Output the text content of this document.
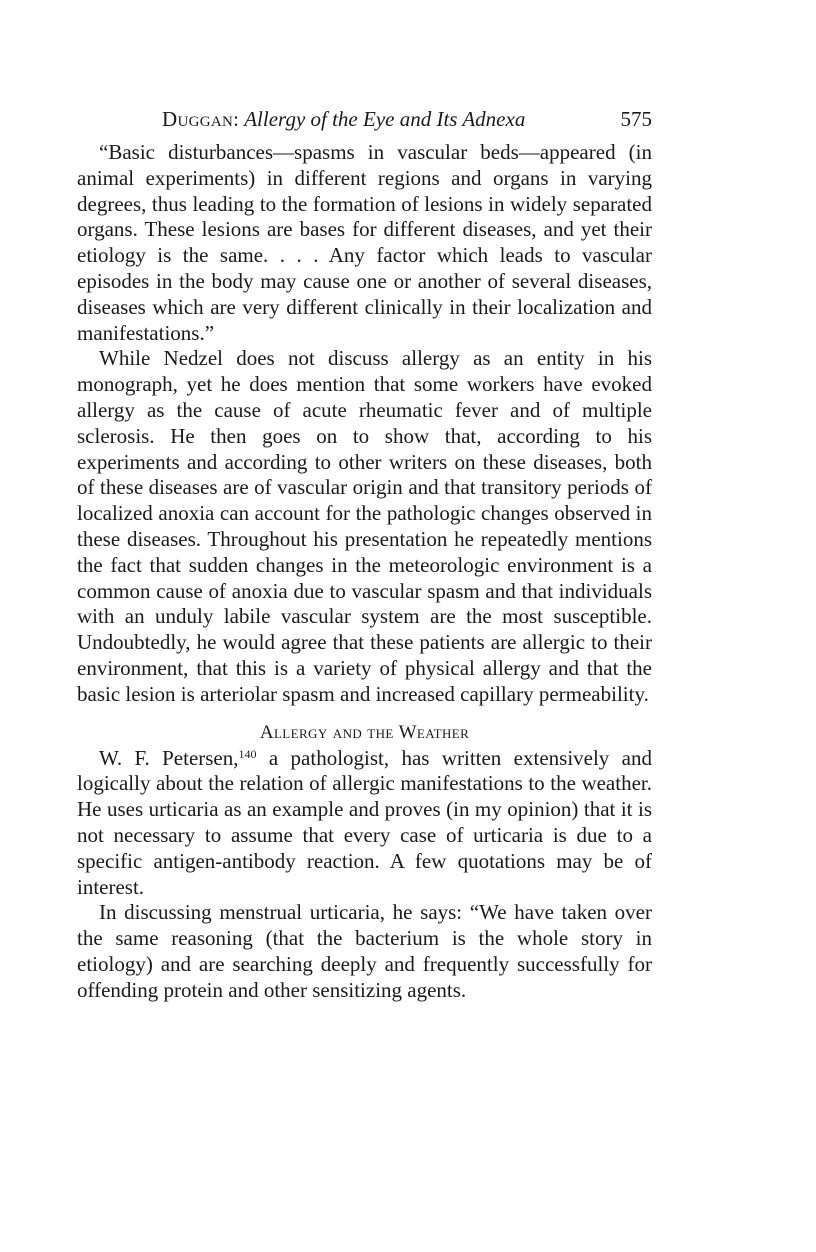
Duggan: Allergy of the Eye and Its Adnexa	575

“Basic disturbances—spasms in vascular beds—appeared (in animal experiments) in different regions and organs in varying degrees, thus leading to the formation of lesions in widely separated organs. These lesions are bases for different diseases, and yet their etiology is the same. . . . Any factor which leads to vascular episodes in the body may cause one or another of several diseases, diseases which are very different clinically in their localization and manifestations.”

While Nedzel does not discuss allergy as an entity in his monograph, yet he does mention that some workers have evoked allergy as the cause of acute rheumatic fever and of multiple sclerosis. He then goes on to show that, according to his experiments and according to other writers on these diseases, both of these diseases are of vascular origin and that transitory periods of localized anoxia can account for the pathologic changes observed in these diseases. Throughout his presentation he repeatedly mentions the fact that sudden changes in the meteorologic environment is a common cause of anoxia due to vascular spasm and that individuals with an unduly labile vascular system are the most susceptible. Undoubtedly, he would agree that these patients are allergic to their environment, that this is a variety of physical allergy and that the basic lesion is arteriolar spasm and increased capillary permeability.

Allergy and the Weather

W. F. Petersen,$^{140}$ a pathologist, has written extensively and logically about the relation of allergic manifestations to the weather. He uses urticaria as an example and proves (in my opinion) that it is not necessary to assume that every case of urticaria is due to a specific antigen-antibody reaction. A few quotations may be of interest.

In discussing menstrual urticaria, he says: “We have taken over the same reasoning (that the bacterium is the whole story in etiology) and are searching deeply and frequently successfully for offending protein and other sensitizing agents.
